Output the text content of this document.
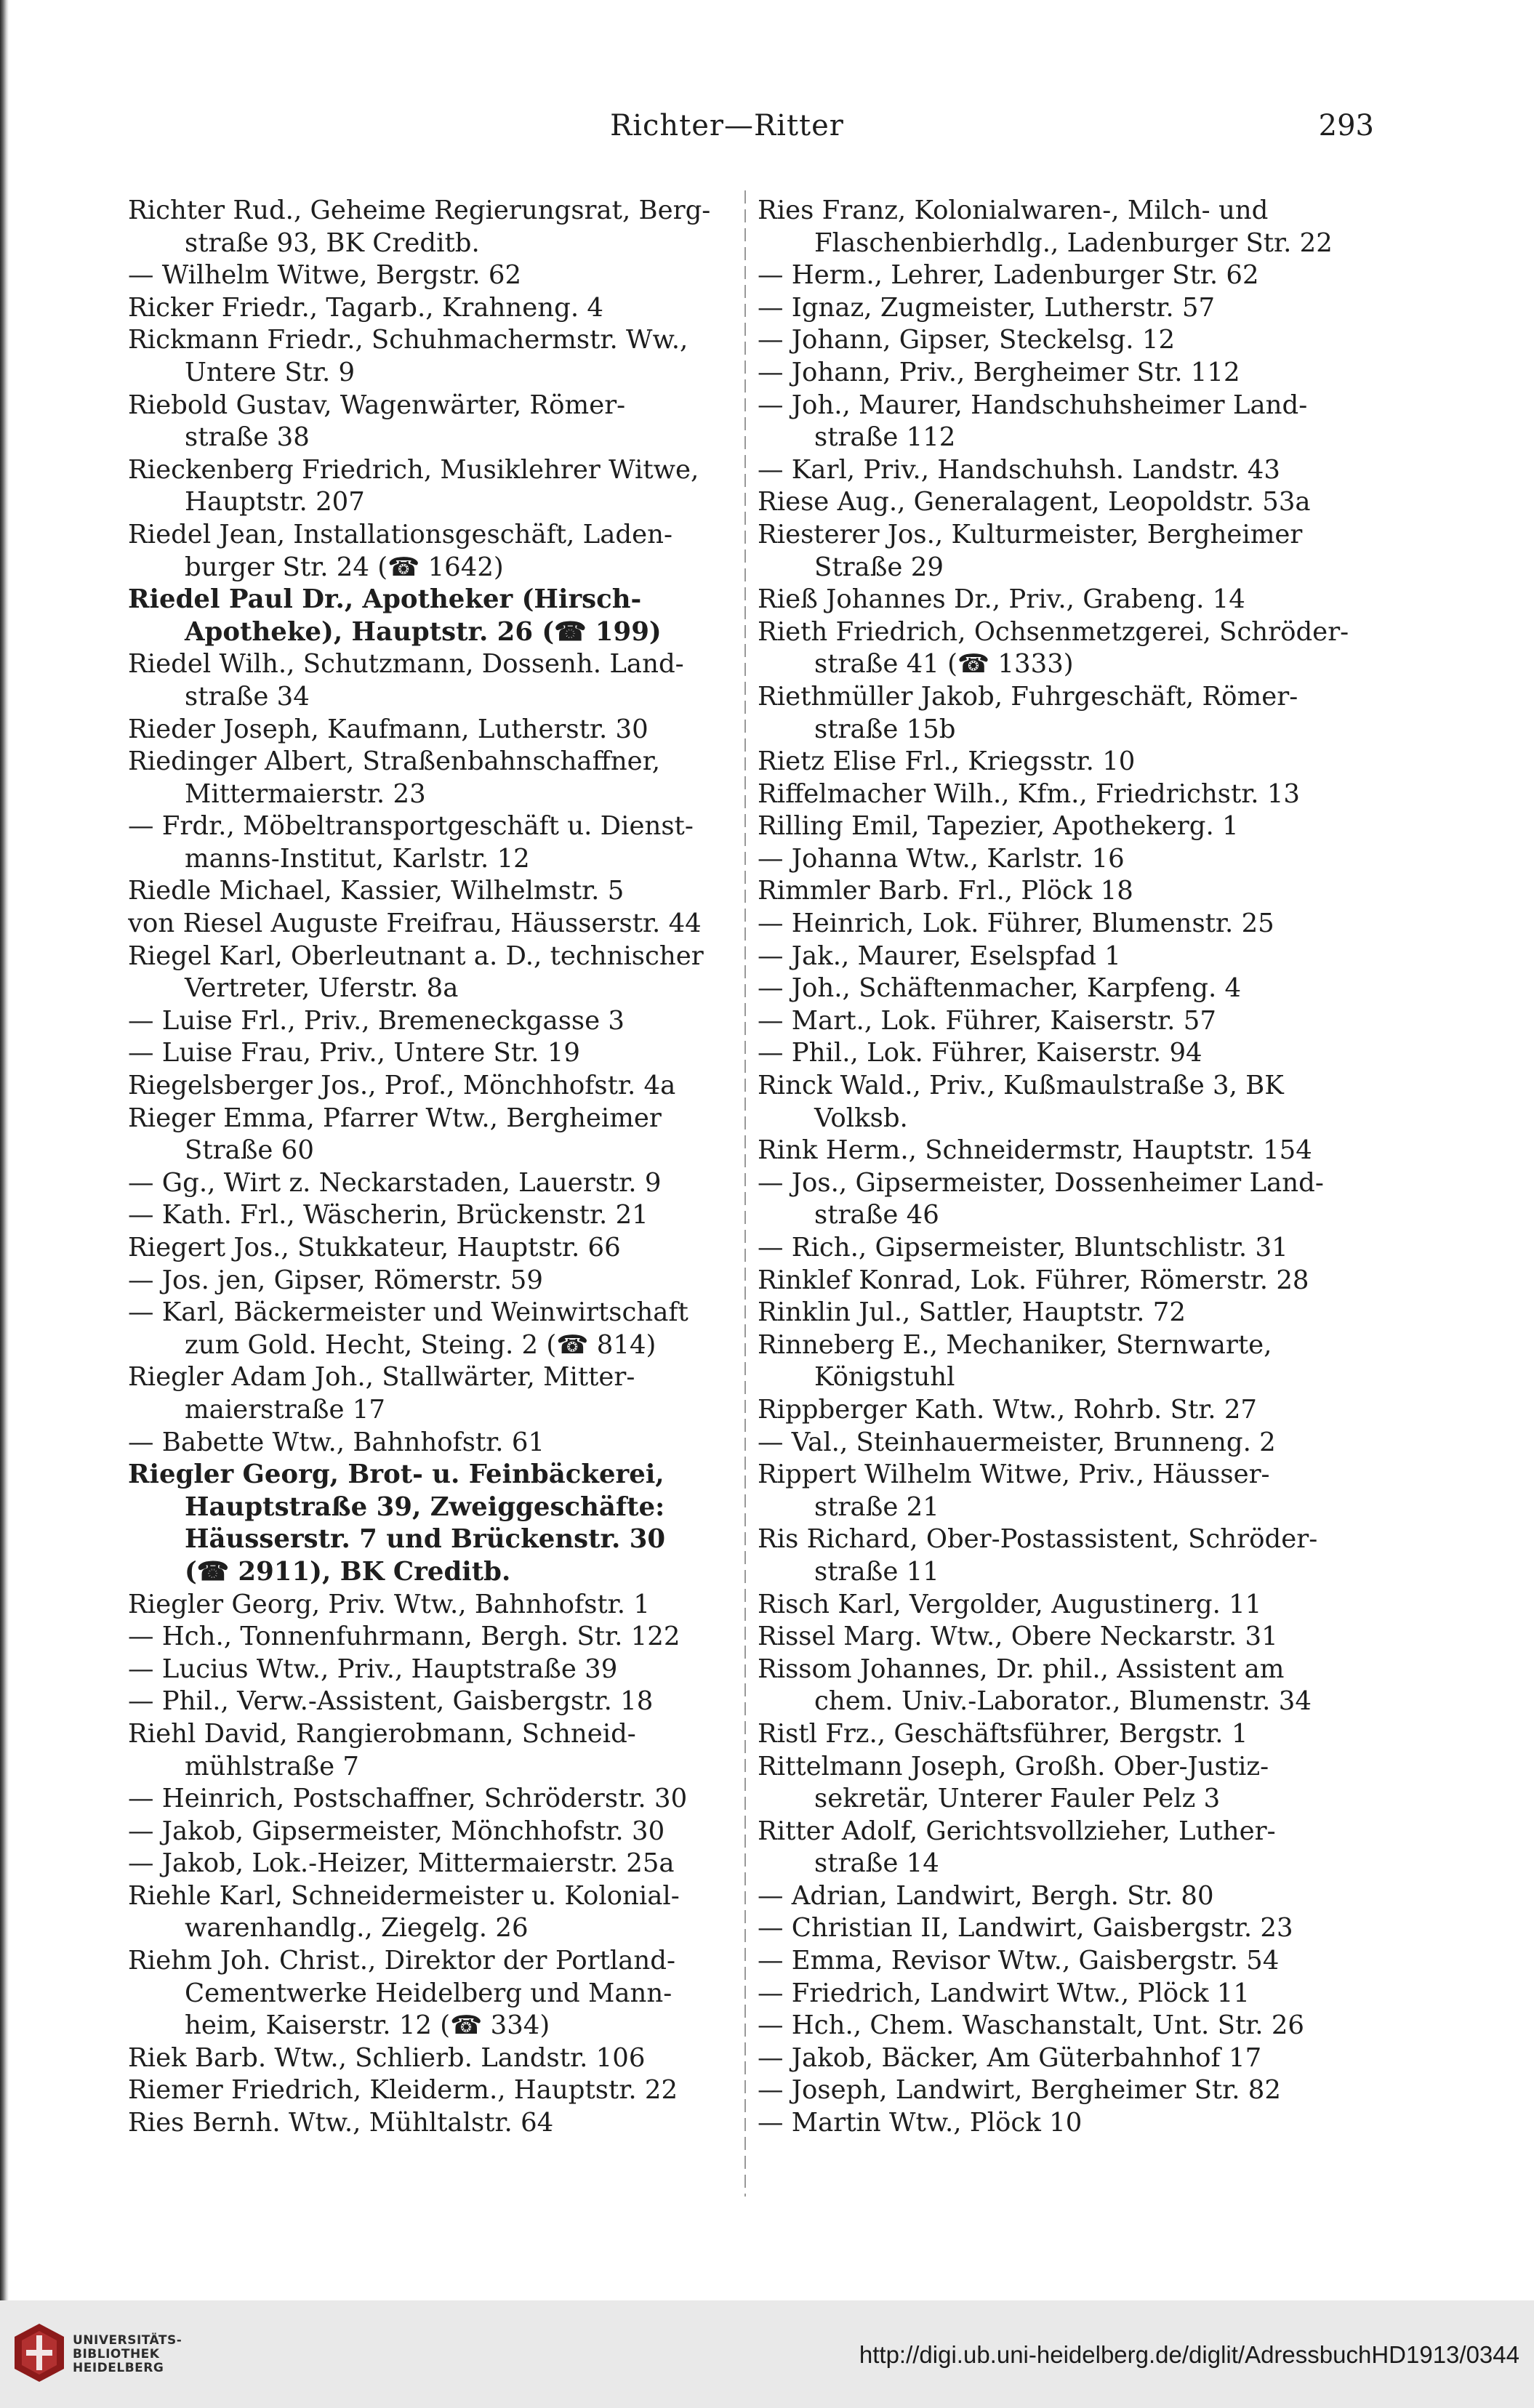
Richter—Ritter	293
Richter Rud., Geheime Regierungsrat, Berg-
straße 93, BK Creditb.
— Wilhelm Witwe, Bergstr. 62
Ricker Friedr., Tagarb., Krahneng. 4
Rickmann Friedr., Schuhmachermstr. Ww.,
Untere Str. 9
Riebold Gustav, Wagenwärter, Römer-
straße 38
Rieckenberg Friedrich, Musiklehrer Witwe,
Hauptstr. 207
Riedel Jean, Installationsgeschäft, Laden-
burger Str. 24 (☎ 1642)
Riedel Paul Dr., Apotheker (Hirsch-
Apotheke), Hauptstr. 26 (☎ 199)
Riedel Wilh., Schutzmann, Dossenh. Land-
straße 34
Rieder Joseph, Kaufmann, Lutherstr. 30
Riedinger Albert, Straßenbahnschaffner,
Mittermaierstr. 23
— Frdr., Möbeltransportgeschäft u. Dienst-
manns-Institut, Karlstr. 12
Riedle Michael, Kassier, Wilhelmstr. 5
von Riesel Auguste Freifrau, Häusserstr. 44
Riegel Karl, Oberleutnant a. D., technischer
Vertreter, Uferstr. 8a
— Luise Frl., Priv., Bremeneckgasse 3
— Luise Frau, Priv., Untere Str. 19
Riegelsberger Jos., Prof., Mönchhofstr. 4a
Rieger Emma, Pfarrer Wtw., Bergheimer
Straße 60
— Gg., Wirt z. Neckarstaden, Lauerstr. 9
— Kath. Frl., Wäscherin, Brückenstr. 21
Riegert Jos., Stukkateur, Hauptstr. 66
— Jos. jen, Gipser, Römerstr. 59
— Karl, Bäckermeister und Weinwirtschaft
zum Gold. Hecht, Steing. 2 (☎ 814)
Riegler Adam Joh., Stallwärter, Mitter-
maierstraße 17
— Babette Wtw., Bahnhofstr. 61
Riegler Georg, Brot- u. Feinbäckerei,
Hauptstraße 39, Zweiggeschäfte:
Häusserstr. 7 und Brückenstr. 30
(☎ 2911), BK Creditb.
Riegler Georg, Priv. Wtw., Bahnhofstr. 1
— Hch., Tonnenfuhrmann, Bergh. Str. 122
— Lucius Wtw., Priv., Hauptstraße 39
— Phil., Verw.-Assistent, Gaisbergstr. 18
Riehl David, Rangierobmann, Schneid-
mühlstraße 7
— Heinrich, Postschaffner, Schröderstr. 30
— Jakob, Gipsermeister, Mönchhofstr. 30
— Jakob, Lok.-Heizer, Mittermaierstr. 25a
Riehle Karl, Schneidermeister u. Kolonial-
warenhandlg., Ziegelg. 26
Riehm Joh. Christ., Direktor der Portland-
Cementwerke Heidelberg und Mann-
heim, Kaiserstr. 12 (☎ 334)
Riek Barb. Wtw., Schlierb. Landstr. 106
Riemer Friedrich, Kleiderm., Hauptstr. 22
Ries Bernh. Wtw., Mühltalstr. 64
Ries Franz, Kolonialwaren-, Milch- und
Flaschenbierhdlg., Ladenburger Str. 22
— Herm., Lehrer, Ladenburger Str. 62
— Ignaz, Zugmeister, Lutherstr. 57
— Johann, Gipser, Steckelsg. 12
— Johann, Priv., Bergheimer Str. 112
— Joh., Maurer, Handschuhsheimer Land-
straße 112
— Karl, Priv., Handschuhsh. Landstr. 43
Riese Aug., Generalagent, Leopoldstr. 53a
Riesterer Jos., Kulturmeister, Bergheimer
Straße 29
Rieß Johannes Dr., Priv., Grabeng. 14
Rieth Friedrich, Ochsenmetzgerei, Schröder-
straße 41 (☎ 1333)
Riethmüller Jakob, Fuhrgeschäft, Römer-
straße 15b
Rietz Elise Frl., Kriegsstr. 10
Riffelmacher Wilh., Kfm., Friedrichstr. 13
Rilling Emil, Tapezier, Apothekerg. 1
— Johanna Wtw., Karlstr. 16
Rimmler Barb. Frl., Plöck 18
— Heinrich, Lok. Führer, Blumenstr. 25
— Jak., Maurer, Eselspfad 1
— Joh., Schäftenmacher, Karpfeng. 4
— Mart., Lok. Führer, Kaiserstr. 57
— Phil., Lok. Führer, Kaiserstr. 94
Rinck Wald., Priv., Kußmaulstraße 3, BK
Volksb.
Rink Herm., Schneidermstr, Hauptstr. 154
— Jos., Gipsermeister, Dossenheimer Land-
straße 46
— Rich., Gipsermeister, Bluntschlistr. 31
Rinklef Konrad, Lok. Führer, Römerstr. 28
Rinklin Jul., Sattler, Hauptstr. 72
Rinneberg E., Mechaniker, Sternwarte,
Königstuhl
Rippberger Kath. Wtw., Rohrb. Str. 27
— Val., Steinhauermeister, Brunneng. 2
Rippert Wilhelm Witwe, Priv., Häusser-
straße 21
Ris Richard, Ober-Postassistent, Schröder-
straße 11
Risch Karl, Vergolder, Augustinerg. 11
Rissel Marg. Wtw., Obere Neckarstr. 31
Rissom Johannes, Dr. phil., Assistent am
chem. Univ.-Laborator., Blumenstr. 34
Ristl Frz., Geschäftsführer, Bergstr. 1
Rittelmann Joseph, Großh. Ober-Justiz-
sekretär, Unterer Fauler Pelz 3
Ritter Adolf, Gerichtsvollzieher, Luther-
straße 14
— Adrian, Landwirt, Bergh. Str. 80
— Christian II, Landwirt, Gaisbergstr. 23
— Emma, Revisor Wtw., Gaisbergstr. 54
— Friedrich, Landwirt Wtw., Plöck 11
— Hch., Chem. Waschanstalt, Unt. Str. 26
— Jakob, Bäcker, Am Güterbahnhof 17
— Joseph, Landwirt, Bergheimer Str. 82
— Martin Wtw., Plöck 10
UNIVERSITÄTS-
BIBLIOTHEK
HEIDELBERG	http://digi.ub.uni-heidelberg.de/diglit/AdressbuchHD1913/0344
